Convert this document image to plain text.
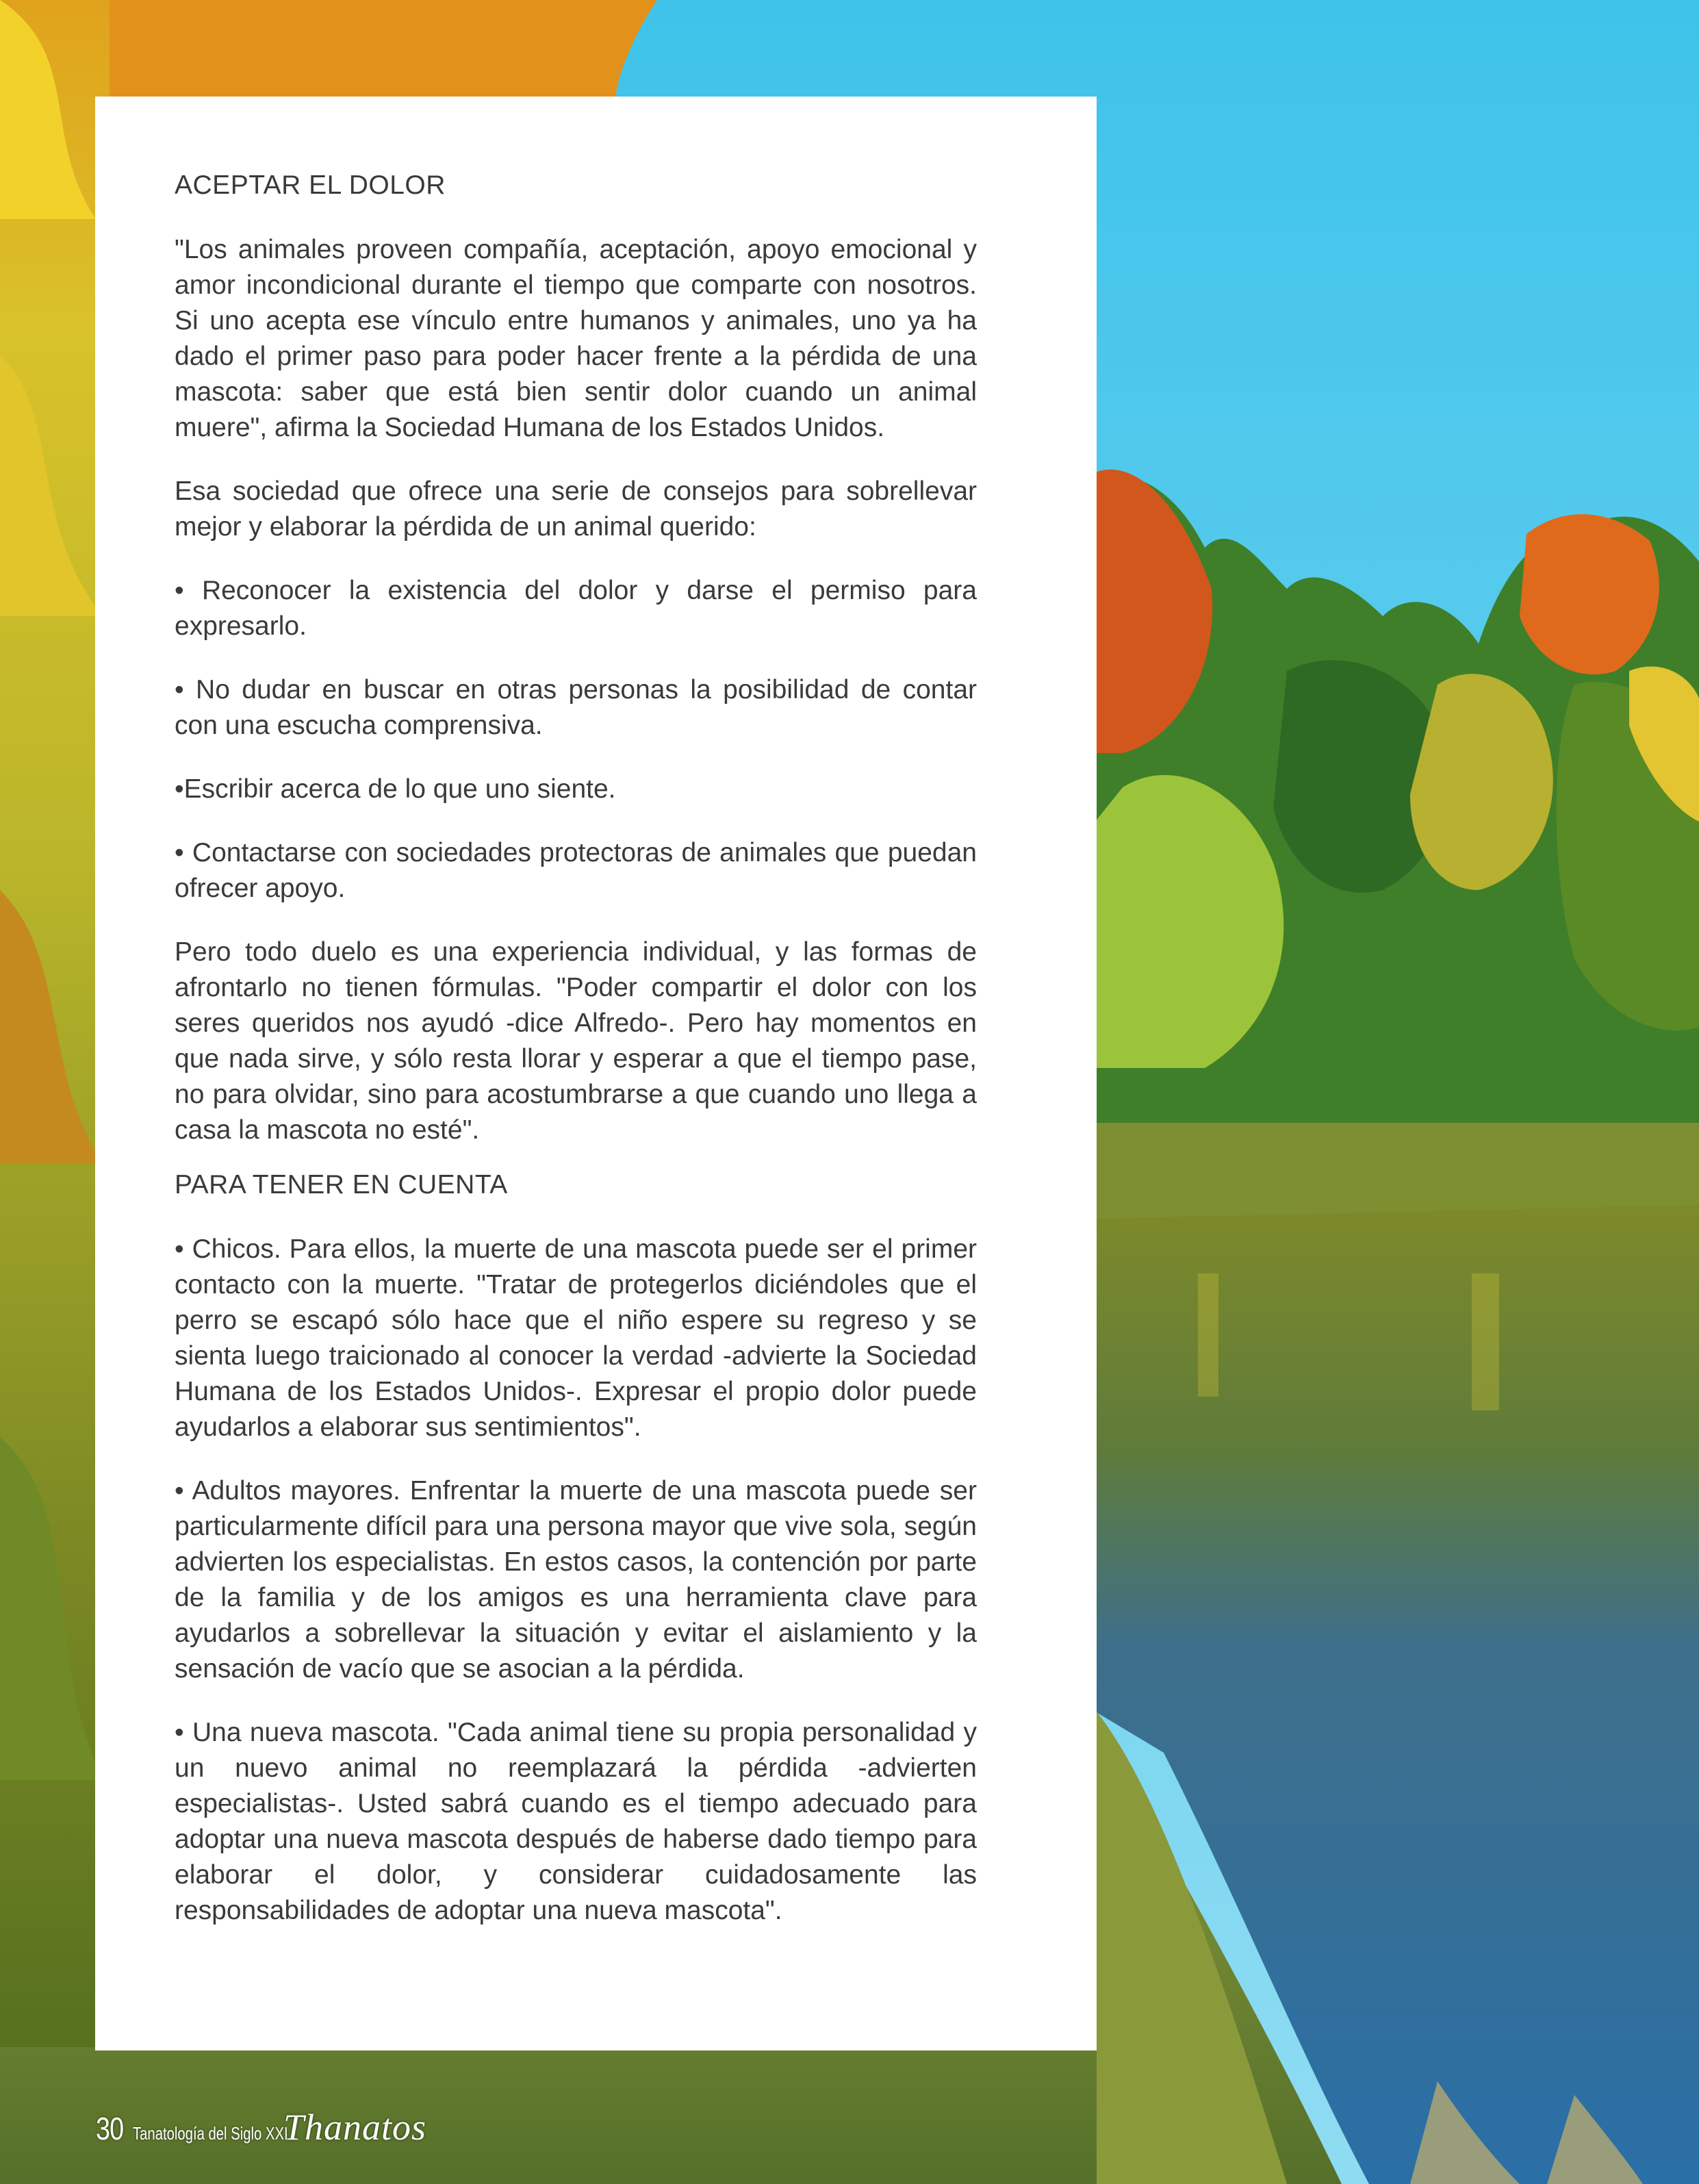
ACEPTAR EL DOLOR

"Los animales proveen compañía, aceptación, apoyo emocional y amor incondicional durante el tiempo que comparte con nosotros. Si uno acepta ese vínculo entre humanos y animales, uno ya ha dado el primer paso para poder hacer frente a la pérdida de una mascota: saber que está bien sentir dolor cuando un animal muere", afirma la Sociedad Humana de los Estados Unidos.

Esa sociedad que ofrece una serie de consejos para sobrellevar mejor y elaborar la pérdida de un animal querido:

• Reconocer la existencia del dolor y darse el permiso para expresarlo.

• No dudar en buscar en otras personas la posibilidad de contar con una escucha comprensiva.

•Escribir acerca de lo que uno siente.

• Contactarse con sociedades protectoras de animales que puedan ofrecer apoyo.

Pero todo duelo es una experiencia individual, y las formas de afrontarlo no tienen fórmulas. "Poder compartir el dolor con los seres queridos nos ayudó -dice Alfredo-. Pero hay momentos en que nada sirve, y sólo resta llorar y esperar a que el tiempo pase, no para olvidar, sino para acostumbrarse a que cuando uno llega a casa la mascota no esté".

PARA TENER EN CUENTA

• Chicos. Para ellos, la muerte de una mascota puede ser el primer contacto con la muerte. "Tratar de protegerlos diciéndoles que el perro se escapó sólo hace que el niño espere su regreso y se sienta luego traicionado al conocer la verdad -advierte la Sociedad Humana de los Estados Unidos-. Expresar el propio dolor puede ayudarlos a elaborar sus sentimientos".

• Adultos mayores. Enfrentar la muerte de una mascota puede ser particularmente difícil para una persona mayor que vive sola, según advierten los especialistas. En estos casos, la contención por parte de la familia y de los amigos es una herramienta clave para ayudarlos a sobrellevar la situación y evitar el aislamiento y la sensación de vacío que se asocian a la pérdida.

• Una nueva mascota. "Cada animal tiene su propia personalidad y un nuevo animal no reemplazará la pérdida -advierten especialistas-. Usted sabrá cuando es el tiempo adecuado para adoptar una nueva mascota después de haberse dado tiempo para elaborar el dolor, y considerar cuidadosamente las responsabilidades de adoptar una nueva mascota".

30 Tanatología del Siglo XXI
Thanatos
